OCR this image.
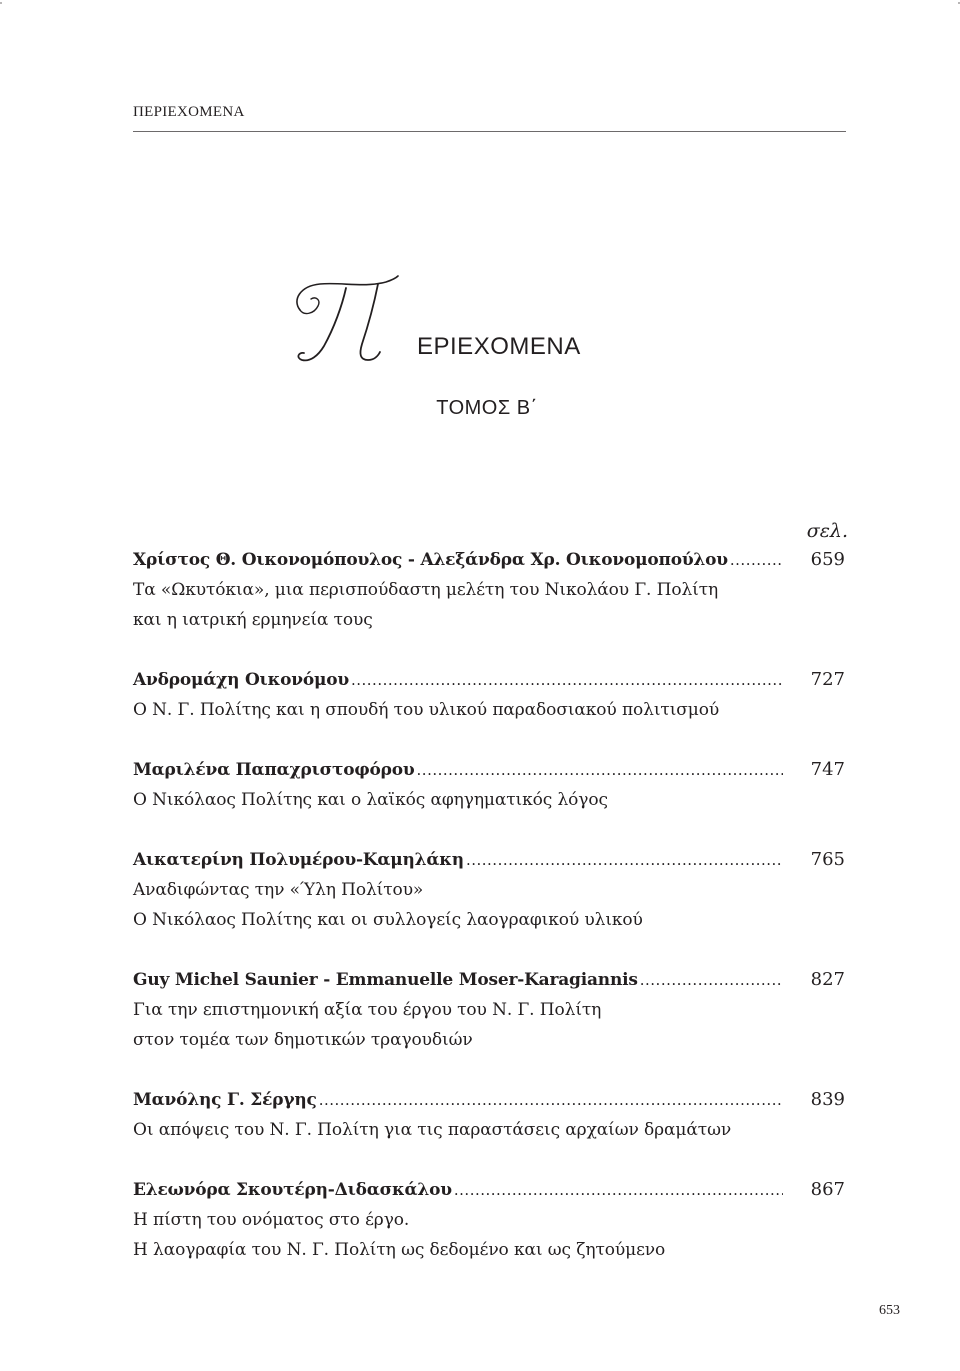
ΠΕΡΙΕΧΟΜΕΝΑ
ΕΡΙΕΧΟΜΕΝΑ
ΤΟΜΟΣ Β΄
σελ.
Χρίστος Θ. Οικονομόπουλος - Αλεξάνδρα Χρ. Οικονομοπούλου .....	659
Τα «Ωκυτόκια», μια περισπούδαστη μελέτη του Νικολάου Γ. Πολίτη
και η ιατρική ερμηνεία τους
Ανδρομάχη Οικονόμου .....	727
Ο Ν. Γ. Πολίτης και η σπουδή του υλικού παραδοσιακού πολιτισμού
Μαριλένα Παπαχριστοφόρου .....	747
Ο Νικόλαος Πολίτης και ο λαϊκός αφηγηματικός λόγος
Αικατερίνη Πολυμέρου-Καμηλάκη .....	765
Αναδιφώντας την «Ύλη Πολίτου»
Ο Νικόλαος Πολίτης και οι συλλογείς λαογραφικού υλικού
Guy Michel Saunier - Emmanuelle Moser-Karagiannis .....	827
Για την επιστημονική αξία του έργου του Ν. Γ. Πολίτη
στον τομέα των δημοτικών τραγουδιών
Μανόλης Γ. Σέργης .....	839
Οι απόψεις του Ν. Γ. Πολίτη για τις παραστάσεις αρχαίων δραμάτων
Ελεωνόρα Σκουτέρη-Διδασκάλου .....	867
Η πίστη του ονόματος στο έργο.
Η λαογραφία του Ν. Γ. Πολίτη ως δεδομένο και ως ζητούμενο
653
